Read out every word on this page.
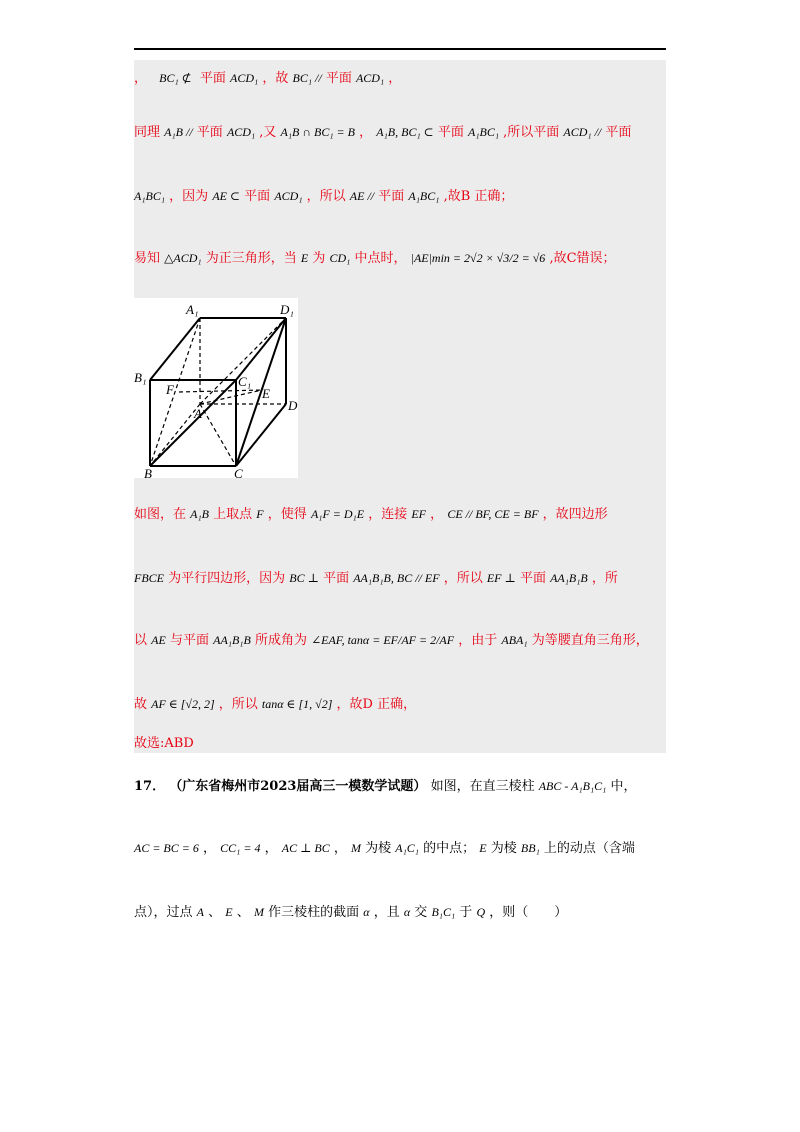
， BC₁ ⊄ 平面 ACD₁ ，故 BC₁ // 平面 ACD₁ ，
同理 A₁B // 平面 ACD₁ ,又 A₁B ∩ BC₁ = B ， A₁B, BC₁ ⊂ 平面 A₁BC₁ ,所以平面 ACD₁ // 平面
A₁BC₁ ，因为 AE ⊂ 平面 ACD₁ ，所以 AE // 平面 A₁BC₁ ,故B 正确；
易知 △ACD₁ 为正三角形，当 E 为 CD₁ 中点时， |AE|min = 2√2 × √3/2 = √6 ,故C错误；
A₁	D₁
B₁	C₁
F	E
A
D
B	C
如图，在 A₁B 上取点 F ，使得 A₁F = D₁E ，连接 EF ， CE // BF, CE = BF ，故四边形
FBCE 为平行四边形，因为 BC ⊥ 平面 AA₁B₁B, BC // EF ，所以 EF ⊥ 平面 AA₁B₁B ，所
以 AE 与平面 AA₁B₁B 所成角为 ∠EAF, tanα = EF/AF = 2/AF ，由于 ABA₁ 为等腰直角三角形，
故 AF ∈ [√2, 2] ，所以 tanα ∈ [1, √2] ，故D 正确，
故选:ABD
17． （广东省梅州市2023届高三一模数学试题） 如图，在直三棱柱 ABC - A₁B₁C₁ 中，
AC = BC = 6 ， CC₁ = 4 ， AC ⊥ BC ， M 为棱 A₁C₁ 的中点； E 为棱 BB₁ 上的动点（含端
点），过点 A 、 E 、 M 作三棱柱的截面 α ，且 α 交 B₁C₁ 于 Q ，则（　　）
